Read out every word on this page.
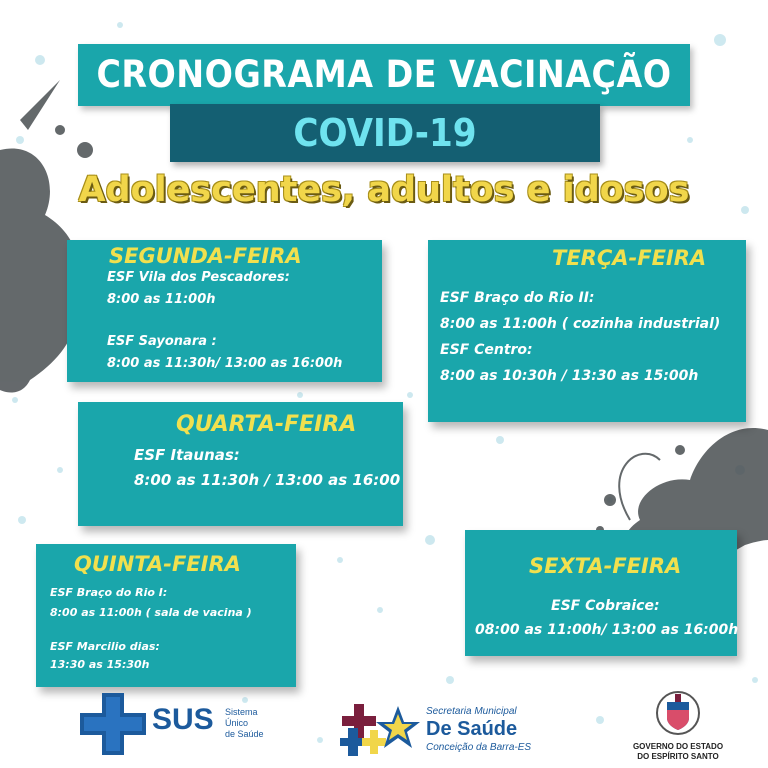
CRONOGRAMA DE VACINAÇÃO
COVID-19
Adolescentes, adultos e idosos
SEGUNDA-FEIRA
ESF Vila dos Pescadores:
8:00 as 11:00h
ESF Sayonara :
8:00 as 11:30h/ 13:00 as 16:00h
TERÇA-FEIRA
ESF Braço do Rio II:
8:00 as 11:00h ( cozinha industrial)
ESF Centro:
8:00 as 10:30h / 13:30 as 15:00h
QUARTA-FEIRA
ESF Itaunas:
8:00 as 11:30h / 13:00 as 16:00
QUINTA-FEIRA
ESF Braço do Rio I:
8:00 as 11:00h ( sala de vacina )
ESF Marcilio dias:
13:30 as 15:30h
SEXTA-FEIRA
ESF Cobraice:
08:00 as 11:00h/ 13:00 as 16:00h
SUS Sistema
Único
de Saúde
Secretaria Municipal
De Saúde
Conceição da Barra-ES	GOVERNO DO ESTADO
DO ESPÍRITO SANTO
